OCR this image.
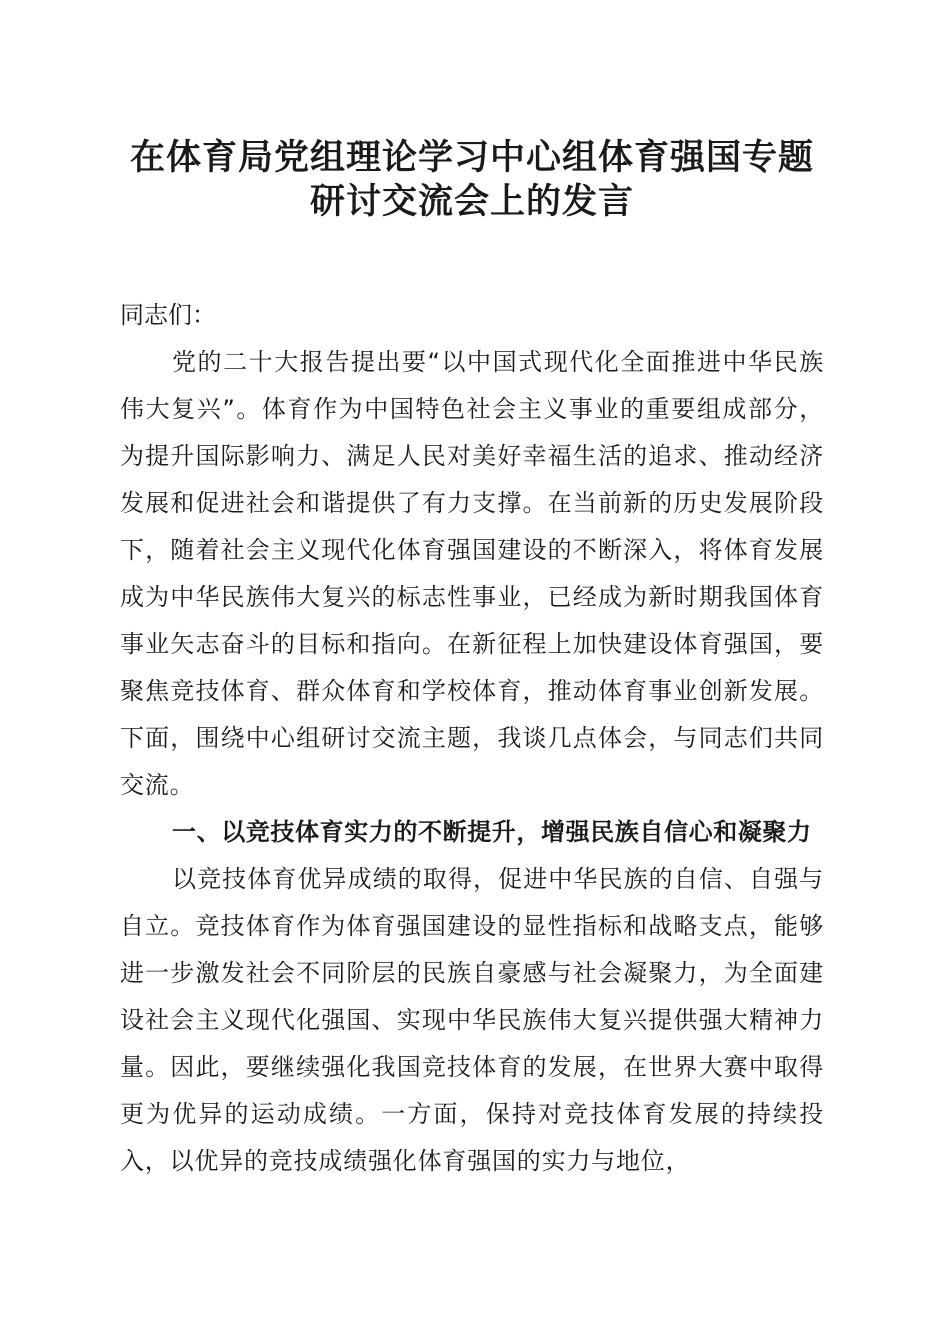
在体育局党组理论学习中心组体育强国专题研讨交流会上的发言

同志们：

党的二十大报告提出要“以中国式现代化全面推进中华民族伟大复兴”。体育作为中国特色社会主义事业的重要组成部分，为提升国际影响力、满足人民对美好幸福生活的追求、推动经济发展和促进社会和谐提供了有力支撑。在当前新的历史发展阶段下，随着社会主义现代化体育强国建设的不断深入，将体育发展成为中华民族伟大复兴的标志性事业，已经成为新时期我国体育事业矢志奋斗的目标和指向。在新征程上加快建设体育强国，要聚焦竞技体育、群众体育和学校体育，推动体育事业创新发展。下面，围绕中心组研讨交流主题，我谈几点体会，与同志们共同交流。

一、以竞技体育实力的不断提升，增强民族自信心和凝聚力

以竞技体育优异成绩的取得，促进中华民族的自信、自强与自立。竞技体育作为体育强国建设的显性指标和战略支点，能够进一步激发社会不同阶层的民族自豪感与社会凝聚力，为全面建设社会主义现代化强国、实现中华民族伟大复兴提供强大精神力量。因此，要继续强化我国竞技体育的发展，在世界大赛中取得更为优异的运动成绩。一方面，保持对竞技体育发展的持续投入，以优异的竞技成绩强化体育强国的实力与地位，
